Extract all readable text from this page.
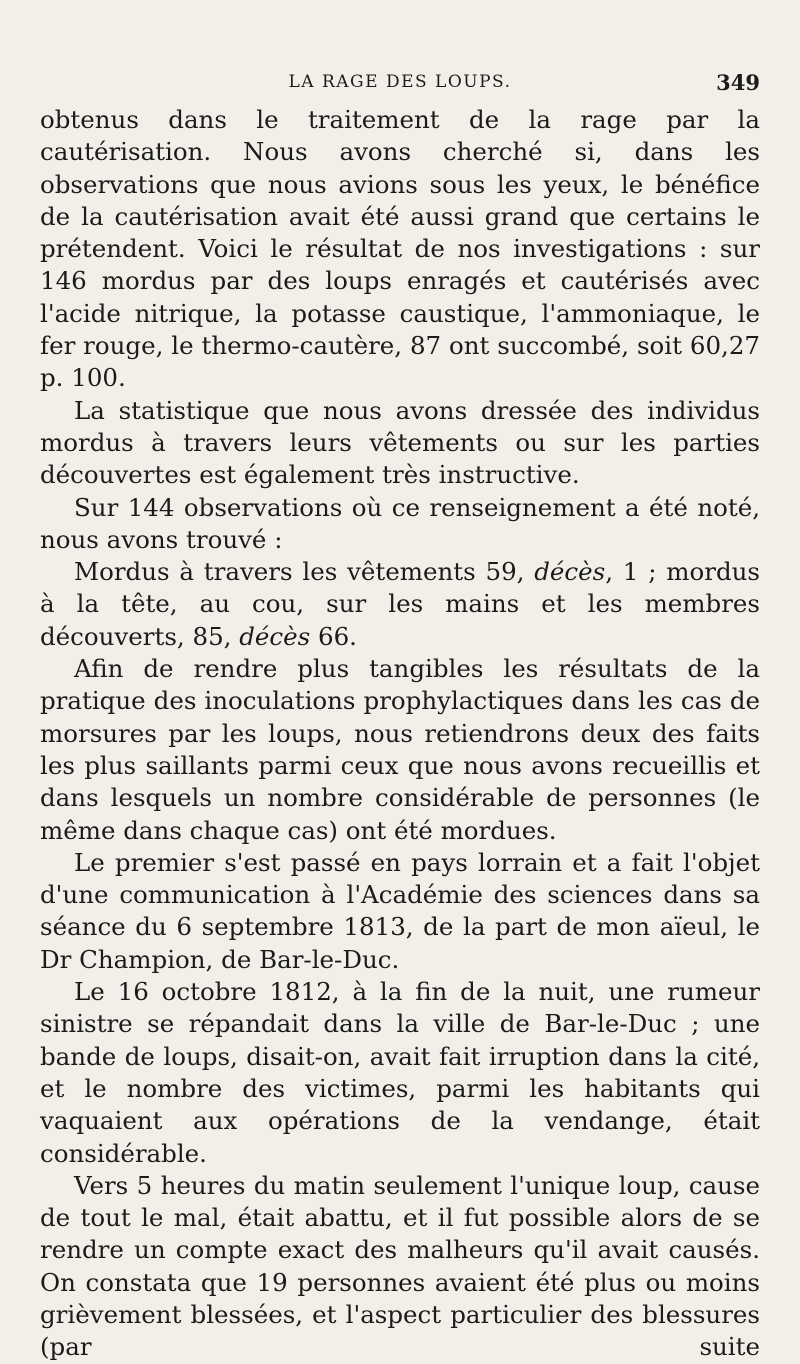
LA RAGE DES LOUPS.	349

obtenus dans le traitement de la rage par la cautérisation. Nous avons cherché si, dans les observations que nous avions sous les yeux, le bénéfice de la cautérisation avait été aussi grand que certains le prétendent. Voici le résultat de nos investigations : sur 146 mordus par des loups enragés et cautérisés avec l'acide nitrique, la potasse caustique, l'ammoniaque, le fer rouge, le thermo-cautère, 87 ont succombé, soit 60,27 p. 100.

La statistique que nous avons dressée des individus mordus à travers leurs vêtements ou sur les parties découvertes est également très instructive.

Sur 144 observations où ce renseignement a été noté, nous avons trouvé :

Mordus à travers les vêtements 59, décès, 1 ; mordus à la tête, au cou, sur les mains et les membres découverts, 85, décès 66.

Afin de rendre plus tangibles les résultats de la pratique des inoculations prophylactiques dans les cas de morsures par les loups, nous retiendrons deux des faits les plus saillants parmi ceux que nous avons recueillis et dans lesquels un nombre considérable de personnes (le même dans chaque cas) ont été mordues.

Le premier s'est passé en pays lorrain et a fait l'objet d'une communication à l'Académie des sciences dans sa séance du 6 septembre 1813, de la part de mon aïeul, le Dr Champion, de Bar-le-Duc.

Le 16 octobre 1812, à la fin de la nuit, une rumeur sinistre se répandait dans la ville de Bar-le-Duc ; une bande de loups, disait-on, avait fait irruption dans la cité, et le nombre des victimes, parmi les habitants qui vaquaient aux opérations de la vendange, était considérable.

Vers 5 heures du matin seulement l'unique loup, cause de tout le mal, était abattu, et il fut possible alors de se rendre un compte exact des malheurs qu'il avait causés. On constata que 19 personnes avaient été plus ou moins grièvement blessées, et l'aspect particulier des blessures (par suite
